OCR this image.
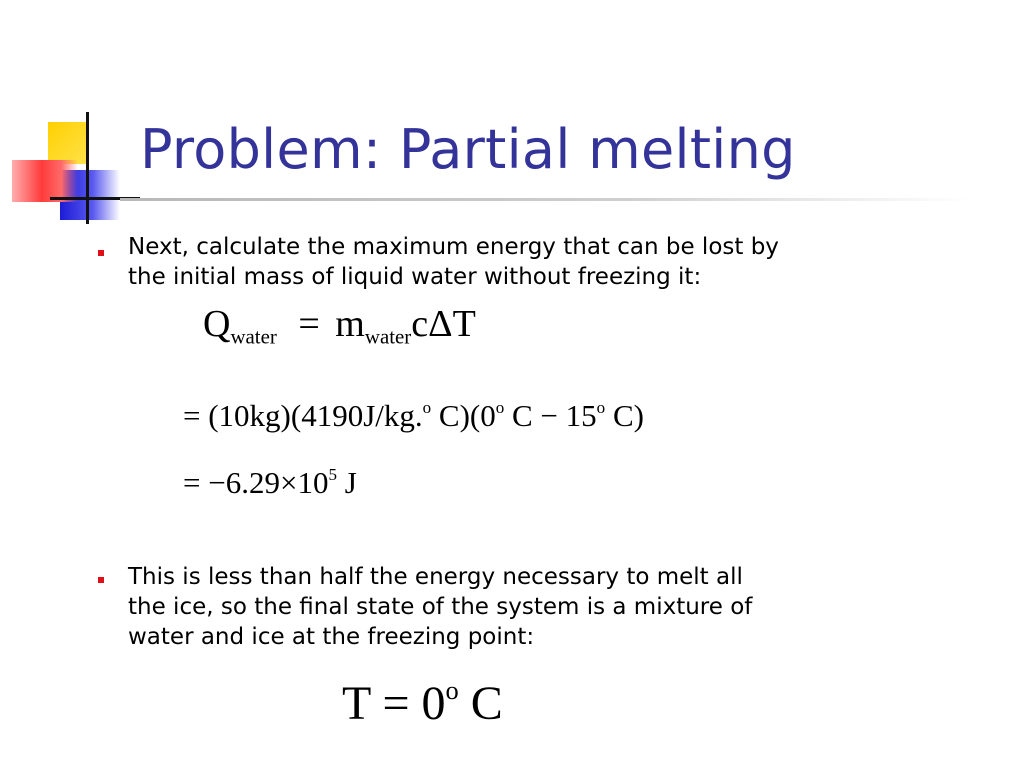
Problem: Partial melting
Next, calculate the maximum energy that can be lost by
the initial mass of liquid water without freezing it:
$Q_{water} = m_{water}c\Delta T$
= (10kg)(4190J/kg.$^o$ C)(0$^o$ $C - 15^o$ C)
= $-6.29\times 10^5$ J
This is less than half the energy necessary to melt all
the ice, so the final state of the system is a mixture of
water and ice at the freezing point:
$T = 0^o$ C
